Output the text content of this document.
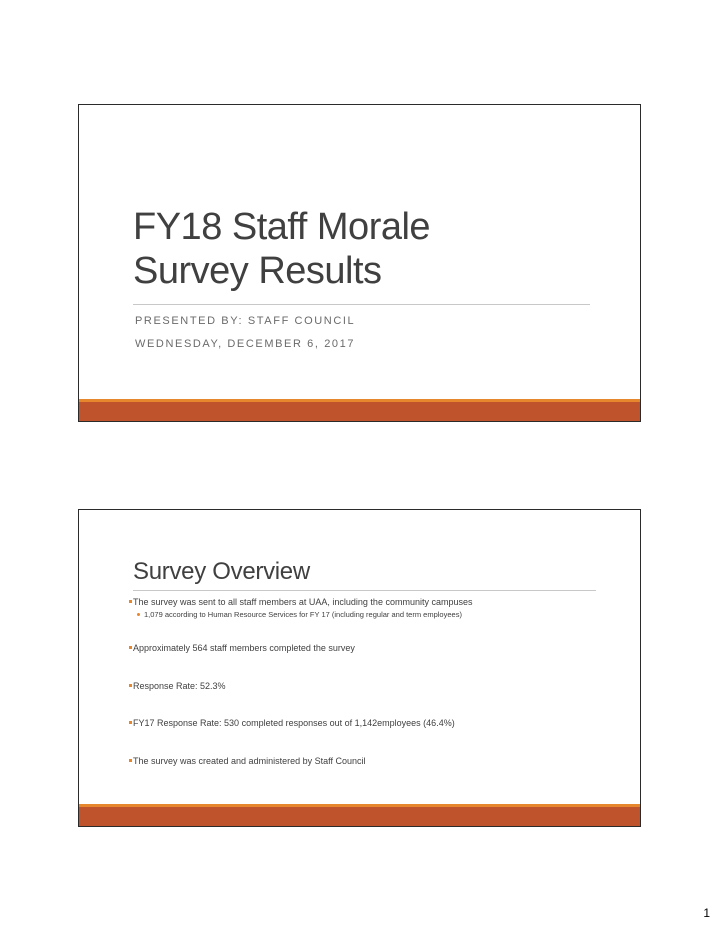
FY18 Staff Morale
Survey Results
PRESENTED BY: STAFF COUNCIL
WEDNESDAY, DECEMBER 6, 2017
Survey Overview
The survey was sent to all staff members at UAA, including the community campuses
1,079 according to Human Resource Services for FY 17 (including regular and term employees)
Approximately 564 staff members completed the survey
Response Rate: 52.3%
FY17 Response Rate: 530 completed responses out of 1,142employees (46.4%)
The survey was created and administered by Staff Council
1
